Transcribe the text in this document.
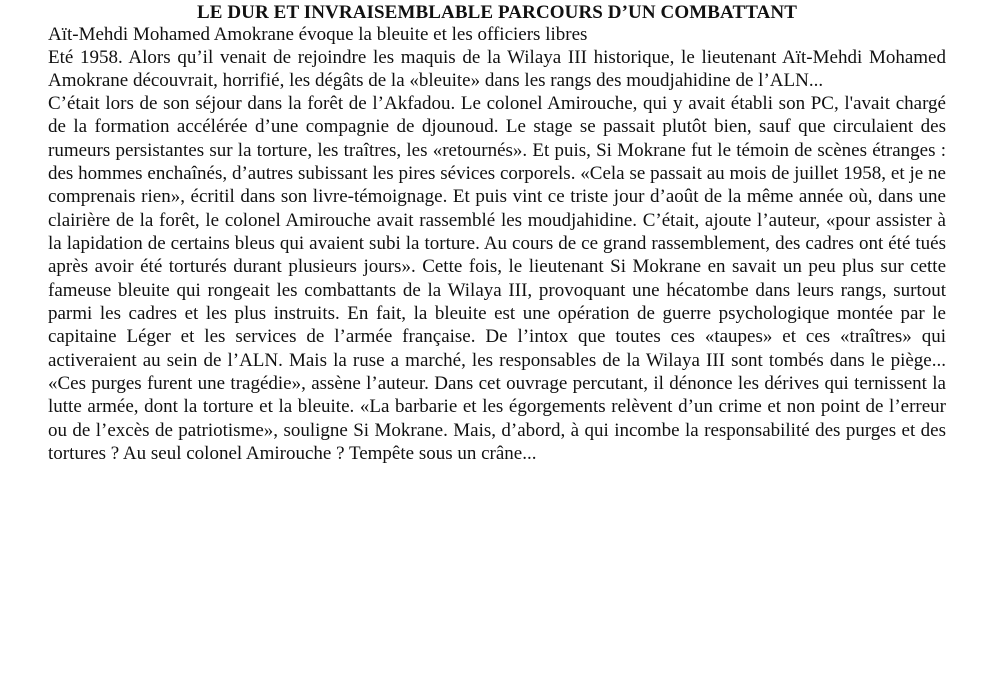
LE DUR ET INVRAISEMBLABLE PARCOURS D’UN COMBATTANT

Aït-Mehdi Mohamed Amokrane évoque la bleuite et les officiers libres

Eté 1958. Alors qu’il venait de rejoindre les maquis de la Wilaya III historique, le lieutenant Aït-Mehdi Mohamed Amokrane découvrait, horrifié, les dégâts de la «bleuite» dans les rangs des moudjahidine de l’ALN...

C’était lors de son séjour dans la forêt de l’Akfadou. Le colonel Amirouche, qui y avait établi son PC, l'avait chargé de la formation accélérée d’une compagnie de djounoud. Le stage se passait plutôt bien, sauf que circulaient des rumeurs persistantes sur la torture, les traîtres, les «retournés». Et puis, Si Mokrane fut le témoin de scènes étranges : des hommes enchaînés, d’autres subissant les pires sévices corporels. «Cela se passait au mois de juillet 1958, et je ne comprenais rien», écritil dans son livre-témoignage. Et puis vint ce triste jour d’août de la même année où, dans une clairière de la forêt, le colonel Amirouche avait rassemblé les moudjahidine. C’était, ajoute l’auteur, «pour assister à la lapidation de certains bleus qui avaient subi la torture. Au cours de ce grand rassemblement, des cadres ont été tués après avoir été torturés durant plusieurs jours». Cette fois, le lieutenant Si Mokrane en savait un peu plus sur cette fameuse bleuite qui rongeait les combattants de la Wilaya III, provoquant une hécatombe dans leurs rangs, surtout parmi les cadres et les plus instruits. En fait, la bleuite est une opération de guerre psychologique montée par le capitaine Léger et les services de l’armée française. De l’intox que toutes ces «taupes» et ces «traîtres» qui activeraient au sein de l’ALN. Mais la ruse a marché, les responsables de la Wilaya III sont tombés dans le piège... «Ces purges furent une tragédie», assène l’auteur. Dans cet ouvrage percutant, il dénonce les dérives qui ternissent la lutte armée, dont la torture et la bleuite. «La barbarie et les égorgements relèvent d’un crime et non point de l’erreur ou de l’excès de patriotisme», souligne Si Mokrane. Mais, d’abord, à qui incombe la responsabilité des purges et des tortures ? Au seul colonel Amirouche ? Tempête sous un crâne...
